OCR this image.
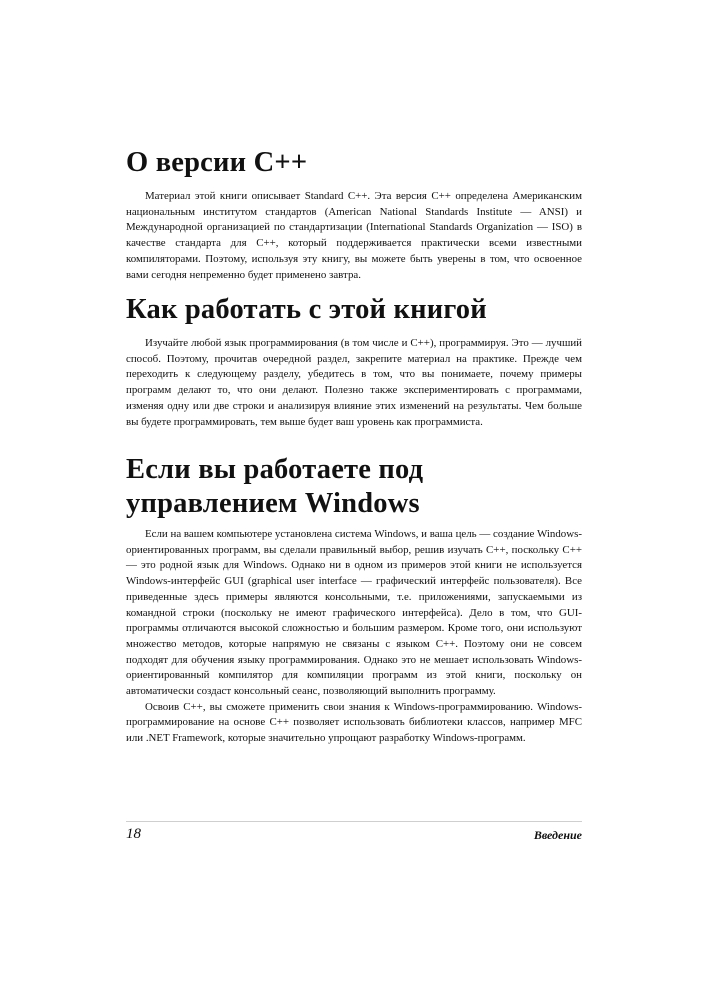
О версии C++

Материал этой книги описывает Standard C++. Эта версия C++ определена Американским национальным институтом стандартов (American National Standards Institute — ANSI) и Международной организацией по стандартизации (International Standards Organization — ISO) в качестве стандарта для C++, который поддерживается практически всеми известными компиляторами. Поэтому, используя эту книгу, вы можете быть уверены в том, что освоенное вами сегодня непременно будет применено завтра.

Как работать с этой книгой

Изучайте любой язык программирования (в том числе и C++), программируя. Это — лучший способ. Поэтому, прочитав очередной раздел, закрепите материал на практике. Прежде чем переходить к следующему разделу, убедитесь в том, что вы понимаете, почему примеры программ делают то, что они делают. Полезно также экспериментировать с программами, изменяя одну или две строки и анализируя влияние этих изменений на результаты. Чем больше вы будете программировать, тем выше будет ваш уровень как программиста.

Если вы работаете под
управлением Windows

Если на вашем компьютере установлена система Windows, и ваша цель — создание Windows-ориентированных программ, вы сделали правильный выбор, решив изучать C++, поскольку C++ — это родной язык для Windows. Однако ни в одном из примеров этой книги не используется Windows-интерфейс GUI (graphical user interface — графический интерфейс пользователя). Все приведенные здесь примеры являются консольными, т.е. приложениями, запускаемыми из командной строки (поскольку не имеют графического интерфейса). Дело в том, что GUI-программы отличаются высокой сложностью и большим размером. Кроме того, они используют множество методов, которые напрямую не связаны с языком C++. Поэтому они не совсем подходят для обучения языку программирования. Однако это не мешает использовать Windows-ориентированный компилятор для компиляции программ из этой книги, поскольку он автоматически создаст консольный сеанс, позволяющий выполнить программу.

Освоив C++, вы сможете применить свои знания к Windows-программированию. Windows-программирование на основе C++ позволяет использовать библиотеки классов, например MFC или .NET Framework, которые значительно упрощают разработку Windows-программ.

18	Введение
